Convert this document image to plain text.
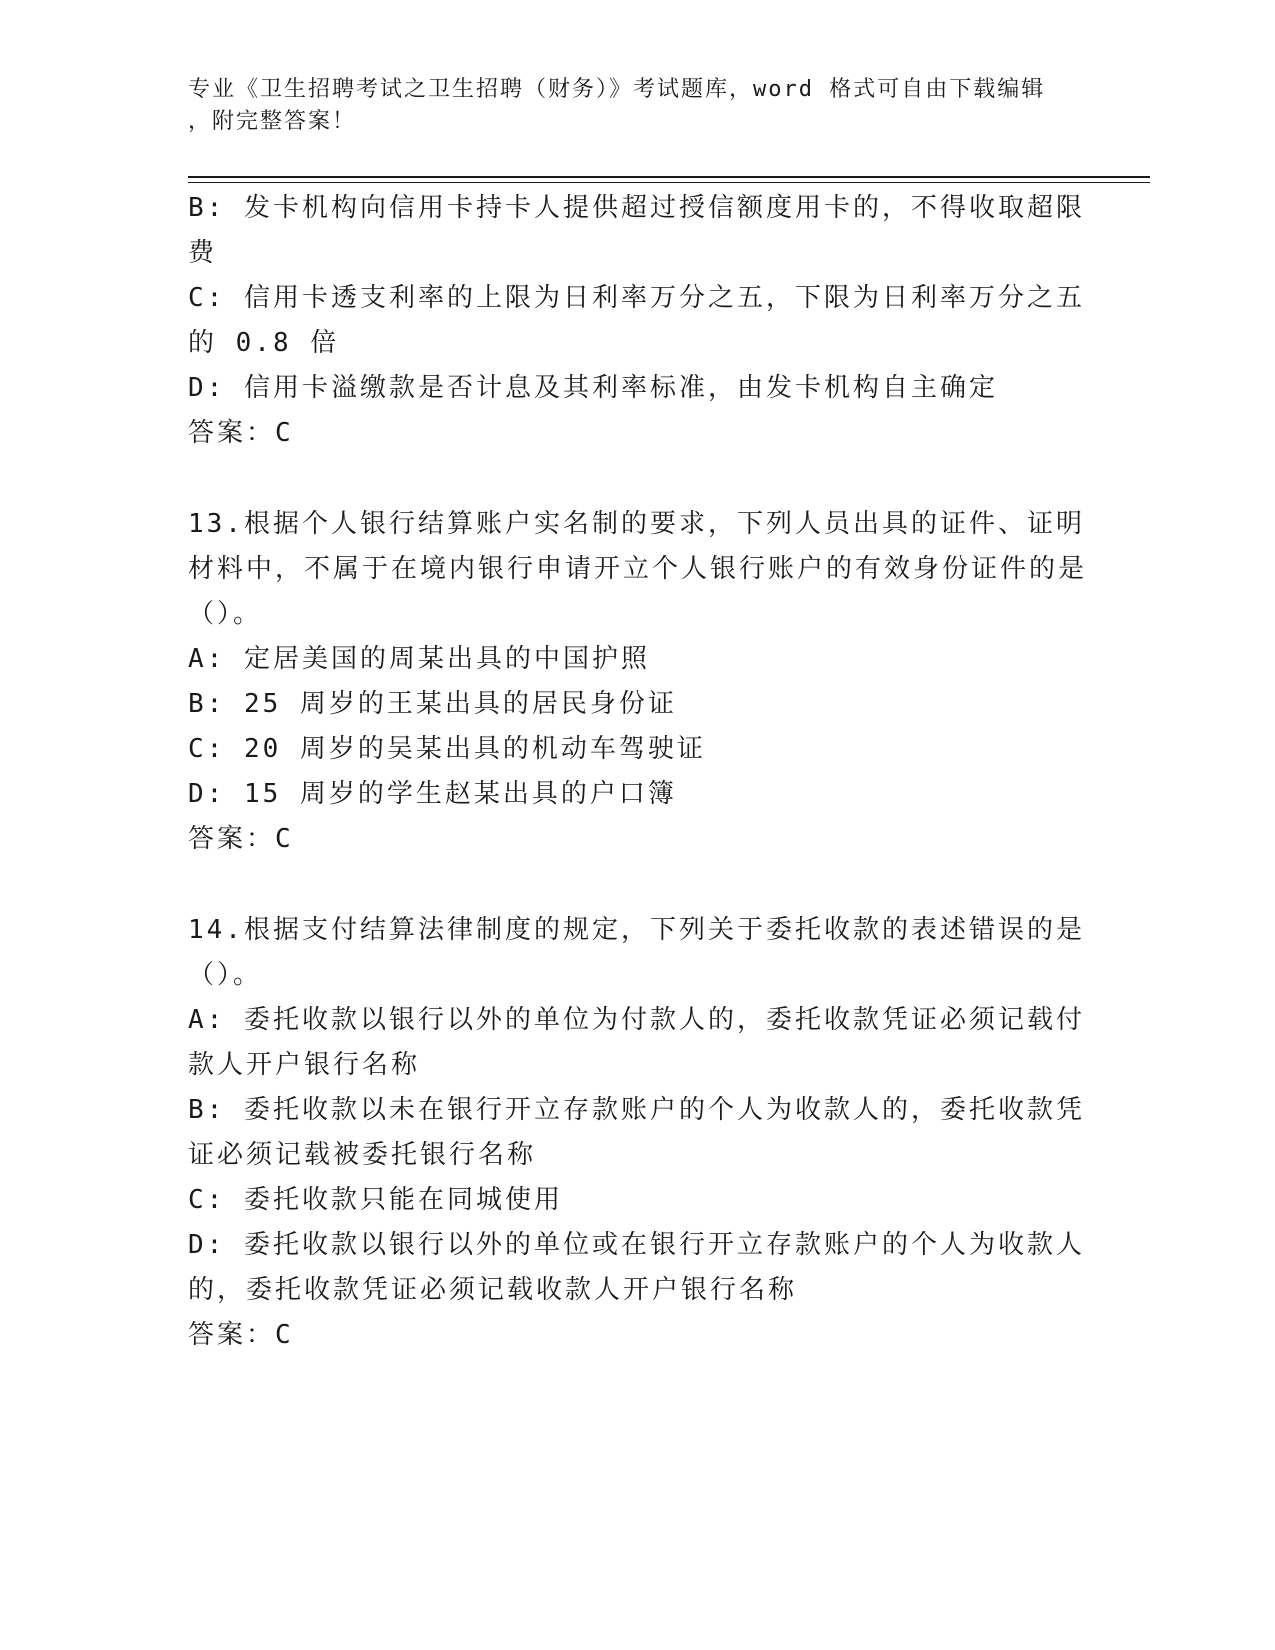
专业《卫生招聘考试之卫生招聘（财务）》考试题库，word 格式可自由下载编辑
，附完整答案！

B: 发卡机构向信用卡持卡人提供超过授信额度用卡的，不得收取超限费

C: 信用卡透支利率的上限为日利率万分之五，下限为日利率万分之五的 0.8 倍

D: 信用卡溢缴款是否计息及其利率标准，由发卡机构自主确定

答案：C

13.根据个人银行结算账户实名制的要求，下列人员出具的证件、证明材料中，不属于在境内银行申请开立个人银行账户的有效身份证件的是（）。

A: 定居美国的周某出具的中国护照

B: 25 周岁的王某出具的居民身份证

C: 20 周岁的吴某出具的机动车驾驶证

D: 15 周岁的学生赵某出具的户口簿

答案：C

14.根据支付结算法律制度的规定，下列关于委托收款的表述错误的是（）。

A: 委托收款以银行以外的单位为付款人的，委托收款凭证必须记载付款人开户银行名称

B: 委托收款以未在银行开立存款账户的个人为收款人的，委托收款凭证必须记载被委托银行名称

C: 委托收款只能在同城使用

D: 委托收款以银行以外的单位或在银行开立存款账户的个人为收款人的，委托收款凭证必须记载收款人开户银行名称

答案：C
